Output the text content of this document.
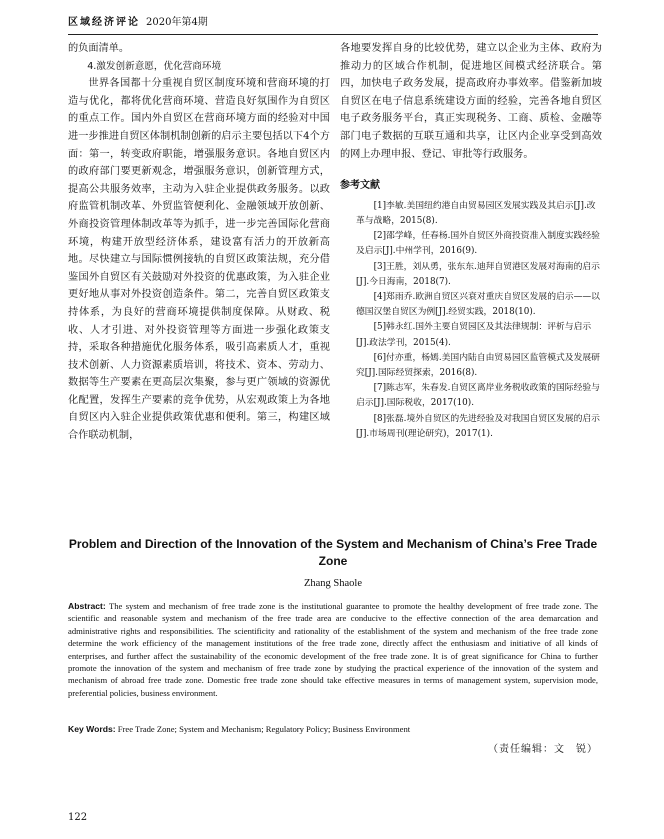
区域经济评论 2020年第4期

的负面清单。

4.激发创新意愿，优化营商环境

世界各国都十分重视自贸区制度环境和营商环境的打造与优化，都将优化营商环境、营造良好氛围作为自贸区的重点工作。国内外自贸区在营商环境方面的经验对中国进一步推进自贸区体制机制创新的启示主要包括以下4个方面：第一，转变政府职能，增强服务意识。各地自贸区内的政府部门要更新观念，增强服务意识，创新管理方式，提高公共服务效率，主动为入驻企业提供政务服务。以政府监管机制改革、外贸监管便利化、金融领域开放创新、外商投资管理体制改革等为抓手，进一步完善国际化营商环境，构建开放型经济体系，建设富有活力的开放新高地。尽快建立与国际惯例接轨的自贸区政策法规，充分借鉴国外自贸区有关鼓励对外投资的优惠政策，为入驻企业更好地从事对外投资创造条件。第二，完善自贸区政策支持体系，为良好的营商环境提供制度保障。从财政、税收、人才引进、对外投资管理等方面进一步强化政策支持，采取各种措施优化服务体系，吸引高素质人才，重视技术创新、人力资源素质培训，将技术、资本、劳动力、数据等生产要素在更高层次集聚，参与更广领域的资源优化配置，发挥生产要素的竞争优势，从宏观政策上为各地自贸区内入驻企业提供政策优惠和便利。第三，构建区域合作联动机制，

各地要发挥自身的比较优势，建立以企业为主体、政府为推动力的区域合作机制，促进地区间模式经济联合。第四，加快电子政务发展，提高政府办事效率。借鉴新加坡自贸区在电子信息系统建设方面的经验，完善各地自贸区电子政务服务平台，真正实现税务、工商、质检、金融等部门电子数据的互联互通和共享，让区内企业享受到高效的网上办理申报、登记、审批等行政服务。

参考文献

[1]李敏.美国纽约港自由贸易园区发展实践及其启示[J].改革与战略，2015(8).

[2]邵学峰，任春杨.国外自贸区外商投资准入制度实践经验及启示[J].中州学刊，2016(9).

[3]王胜，刘从勇，张东东.迪拜自贸港区发展对海南的启示[J].今日海南，2018(7).

[4]郑雨乔.欧洲自贸区兴衰对重庆自贸区发展的启示——以德国汉堡自贸区为例[J].经贸实践，2018(10).

[5]韩永红.国外主要自贸园区及其法律规制：评析与启示[J].政法学刊，2015(4).

[6]付亦重，杨嫣.美国内陆自由贸易园区监管模式及发展研究[J].国际经贸探索，2016(8).

[7]陈志军，朱春发.自贸区离岸业务税收政策的国际经验与启示[J].国际税收，2017(10).

[8]张磊.境外自贸区的先进经验及对我国自贸区发展的启示[J].市场周刊(理论研究)，2017(1).

Problem and Direction of the Innovation of the System and Mechanism of China’s Free Trade Zone
Zhang Shaole
Abstract: The system and mechanism of free trade zone is the institutional guarantee to promote the healthy development of free trade zone. The scientific and reasonable system and mechanism of the free trade area are conducive to the effective connection of the area demarcation and administrative rights and responsibilities. The scientificity and rationality of the establishment of the system and mechanism of the free trade zone determine the work efficiency of the management institutions of the free trade zone, directly affect the enthusiasm and initiative of all kinds of enterprises, and further affect the sustainability of the economic development of the free trade zone. It is of great significance for China to further promote the innovation of the system and mechanism of free trade zone by studying the practical experience of the innovation of the system and mechanism of abroad free trade zone. Domestic free trade zone should take effective measures in terms of management system, supervision mode, preferential policies, business environment.
Key Words: Free Trade Zone; System and Mechanism; Regulatory Policy; Business Environment
（责任编辑：文　锐）
122
